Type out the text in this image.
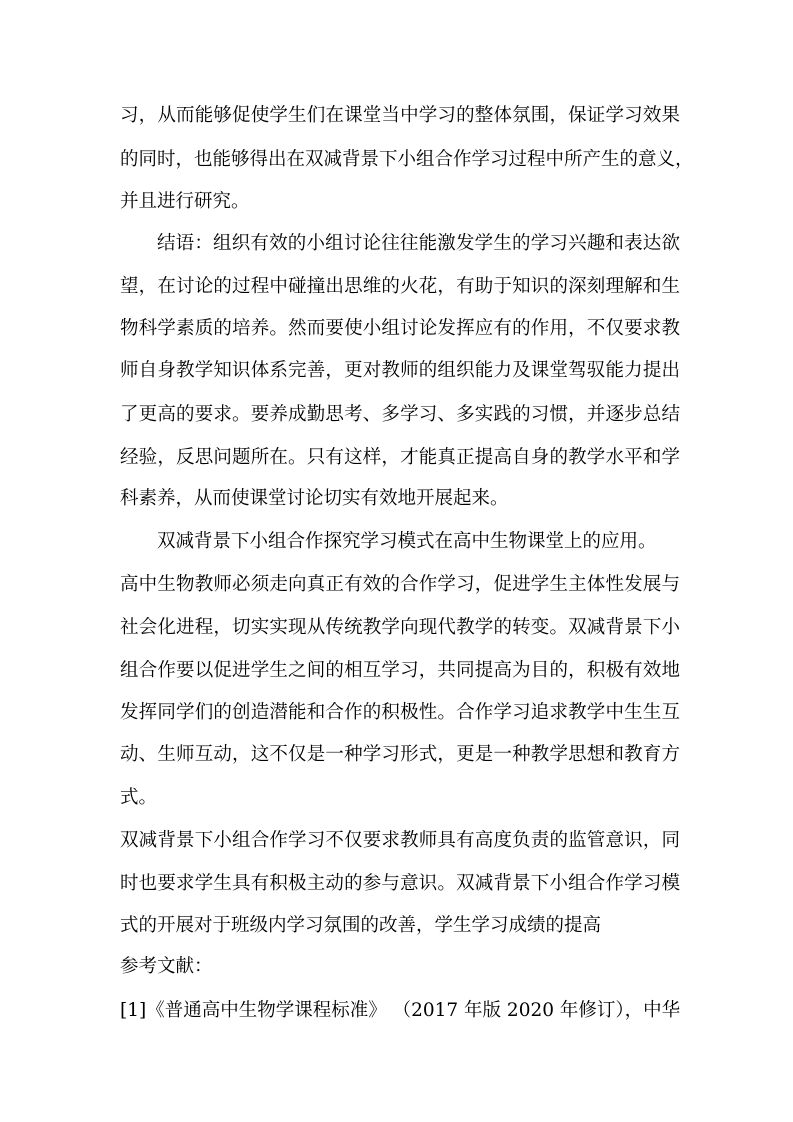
习，从而能够促使学生们在课堂当中学习的整体氛围，保证学习效果
的同时，也能够得出在双减背景下小组合作学习过程中所产生的意义，
并且进行研究。
结语：组织有效的小组讨论往往能激发学生的学习兴趣和表达欲
望，在讨论的过程中碰撞出思维的火花，有助于知识的深刻理解和生
物科学素质的培养。然而要使小组讨论发挥应有的作用，不仅要求教
师自身教学知识体系完善，更对教师的组织能力及课堂驾驭能力提出
了更高的要求。要养成勤思考、多学习、多实践的习惯，并逐步总结
经验，反思问题所在。只有这样，才能真正提高自身的教学水平和学
科素养，从而使课堂讨论切实有效地开展起来。
双减背景下小组合作探究学习模式在高中生物课堂上的应用。
高中生物教师必须走向真正有效的合作学习，促进学生主体性发展与
社会化进程，切实实现从传统教学向现代教学的转变。双减背景下小
组合作要以促进学生之间的相互学习，共同提高为目的，积极有效地
发挥同学们的创造潜能和合作的积极性。合作学习追求教学中生生互
动、生师互动，这不仅是一种学习形式，更是一种教学思想和教育方
式。
双减背景下小组合作学习不仅要求教师具有高度负责的监管意识，同
时也要求学生具有积极主动的参与意识。双减背景下小组合作学习模
式的开展对于班级内学习氛围的改善，学生学习成绩的提高
参考文献：
[1]《普通高中生物学课程标准》 （2017 年版 2020 年修订），中华
